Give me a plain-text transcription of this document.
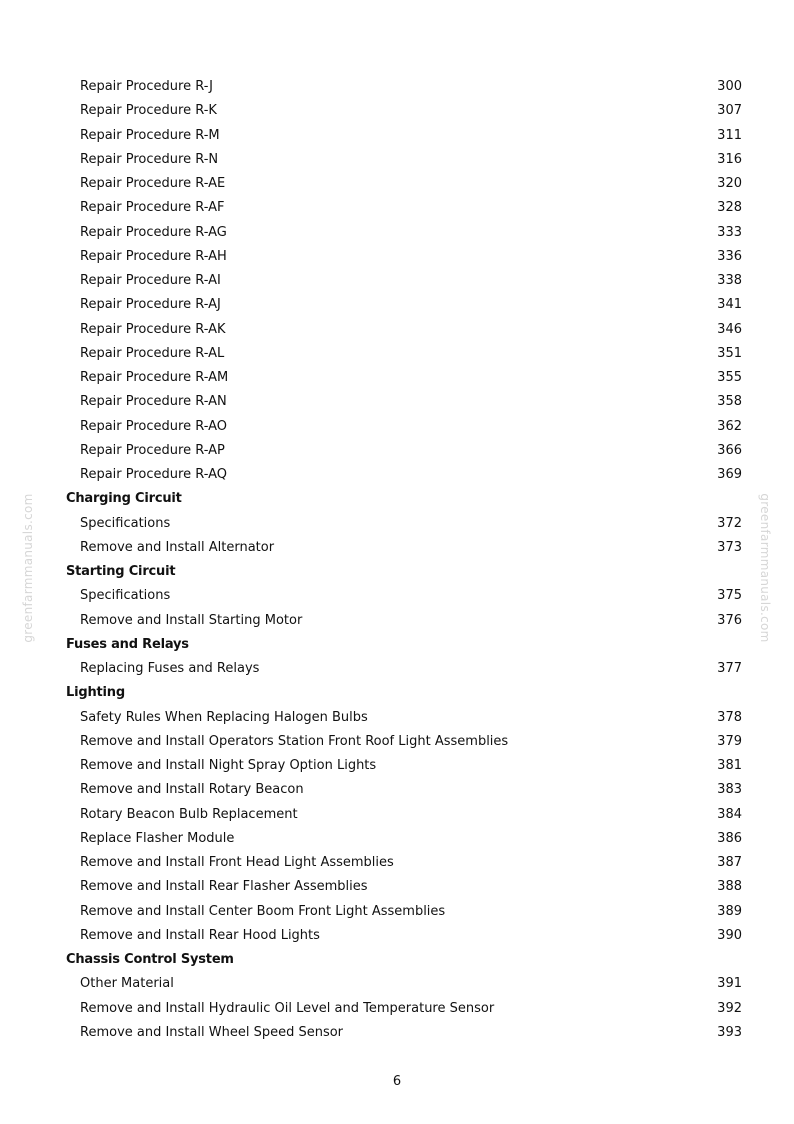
greenfarmmanuals.com	greenfarmmanuals.com
Repair Procedure R-J	300
Repair Procedure R-K	307
Repair Procedure R-M	311
Repair Procedure R-N	316
Repair Procedure R-AE	320
Repair Procedure R-AF	328
Repair Procedure R-AG	333
Repair Procedure R-AH	336
Repair Procedure R-AI	338
Repair Procedure R-AJ	341
Repair Procedure R-AK	346
Repair Procedure R-AL	351
Repair Procedure R-AM	355
Repair Procedure R-AN	358
Repair Procedure R-AO	362
Repair Procedure R-AP	366
Repair Procedure R-AQ	369
Charging Circuit
Specifications	372
Remove and Install Alternator	373
Starting Circuit
Specifications	375
Remove and Install Starting Motor	376
Fuses and Relays
Replacing Fuses and Relays	377
Lighting
Safety Rules When Replacing Halogen Bulbs	378
Remove and Install Operators Station Front Roof Light Assemblies	379
Remove and Install Night Spray Option Lights	381
Remove and Install Rotary Beacon	383
Rotary Beacon Bulb Replacement	384
Replace Flasher Module	386
Remove and Install Front Head Light Assemblies	387
Remove and Install Rear Flasher Assemblies	388
Remove and Install Center Boom Front Light Assemblies	389
Remove and Install Rear Hood Lights	390
Chassis Control System
Other Material	391
Remove and Install Hydraulic Oil Level and Temperature Sensor	392
Remove and Install Wheel Speed Sensor	393
6
